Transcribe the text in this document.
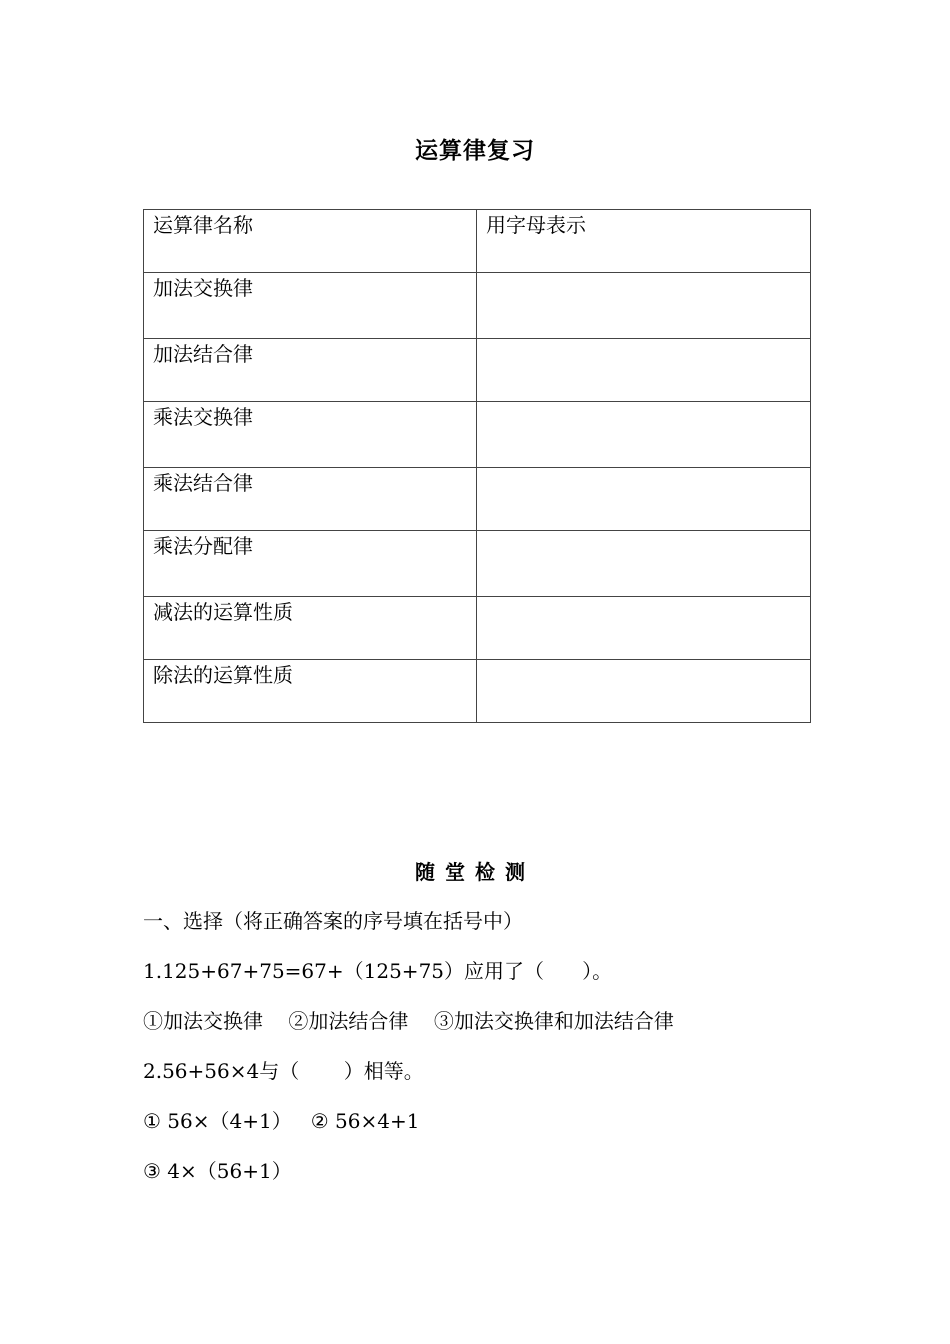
运算律复习
运算律名称	用字母表示
加法交换律	
加法结合律	
乘法交换律	
乘法结合律	
乘法分配律	
减法的运算性质	
除法的运算性质	
随堂检测
一、选择（将正确答案的序号填在括号中）
1.125+67+75=67+（125+75）应用了（      ）。
①加法交换律    ②加法结合律    ③加法交换律和加法结合律
2.56+56×4与（       ）相等。
① 56×（4+1）   ② 56×4+1
③ 4×（56+1）
